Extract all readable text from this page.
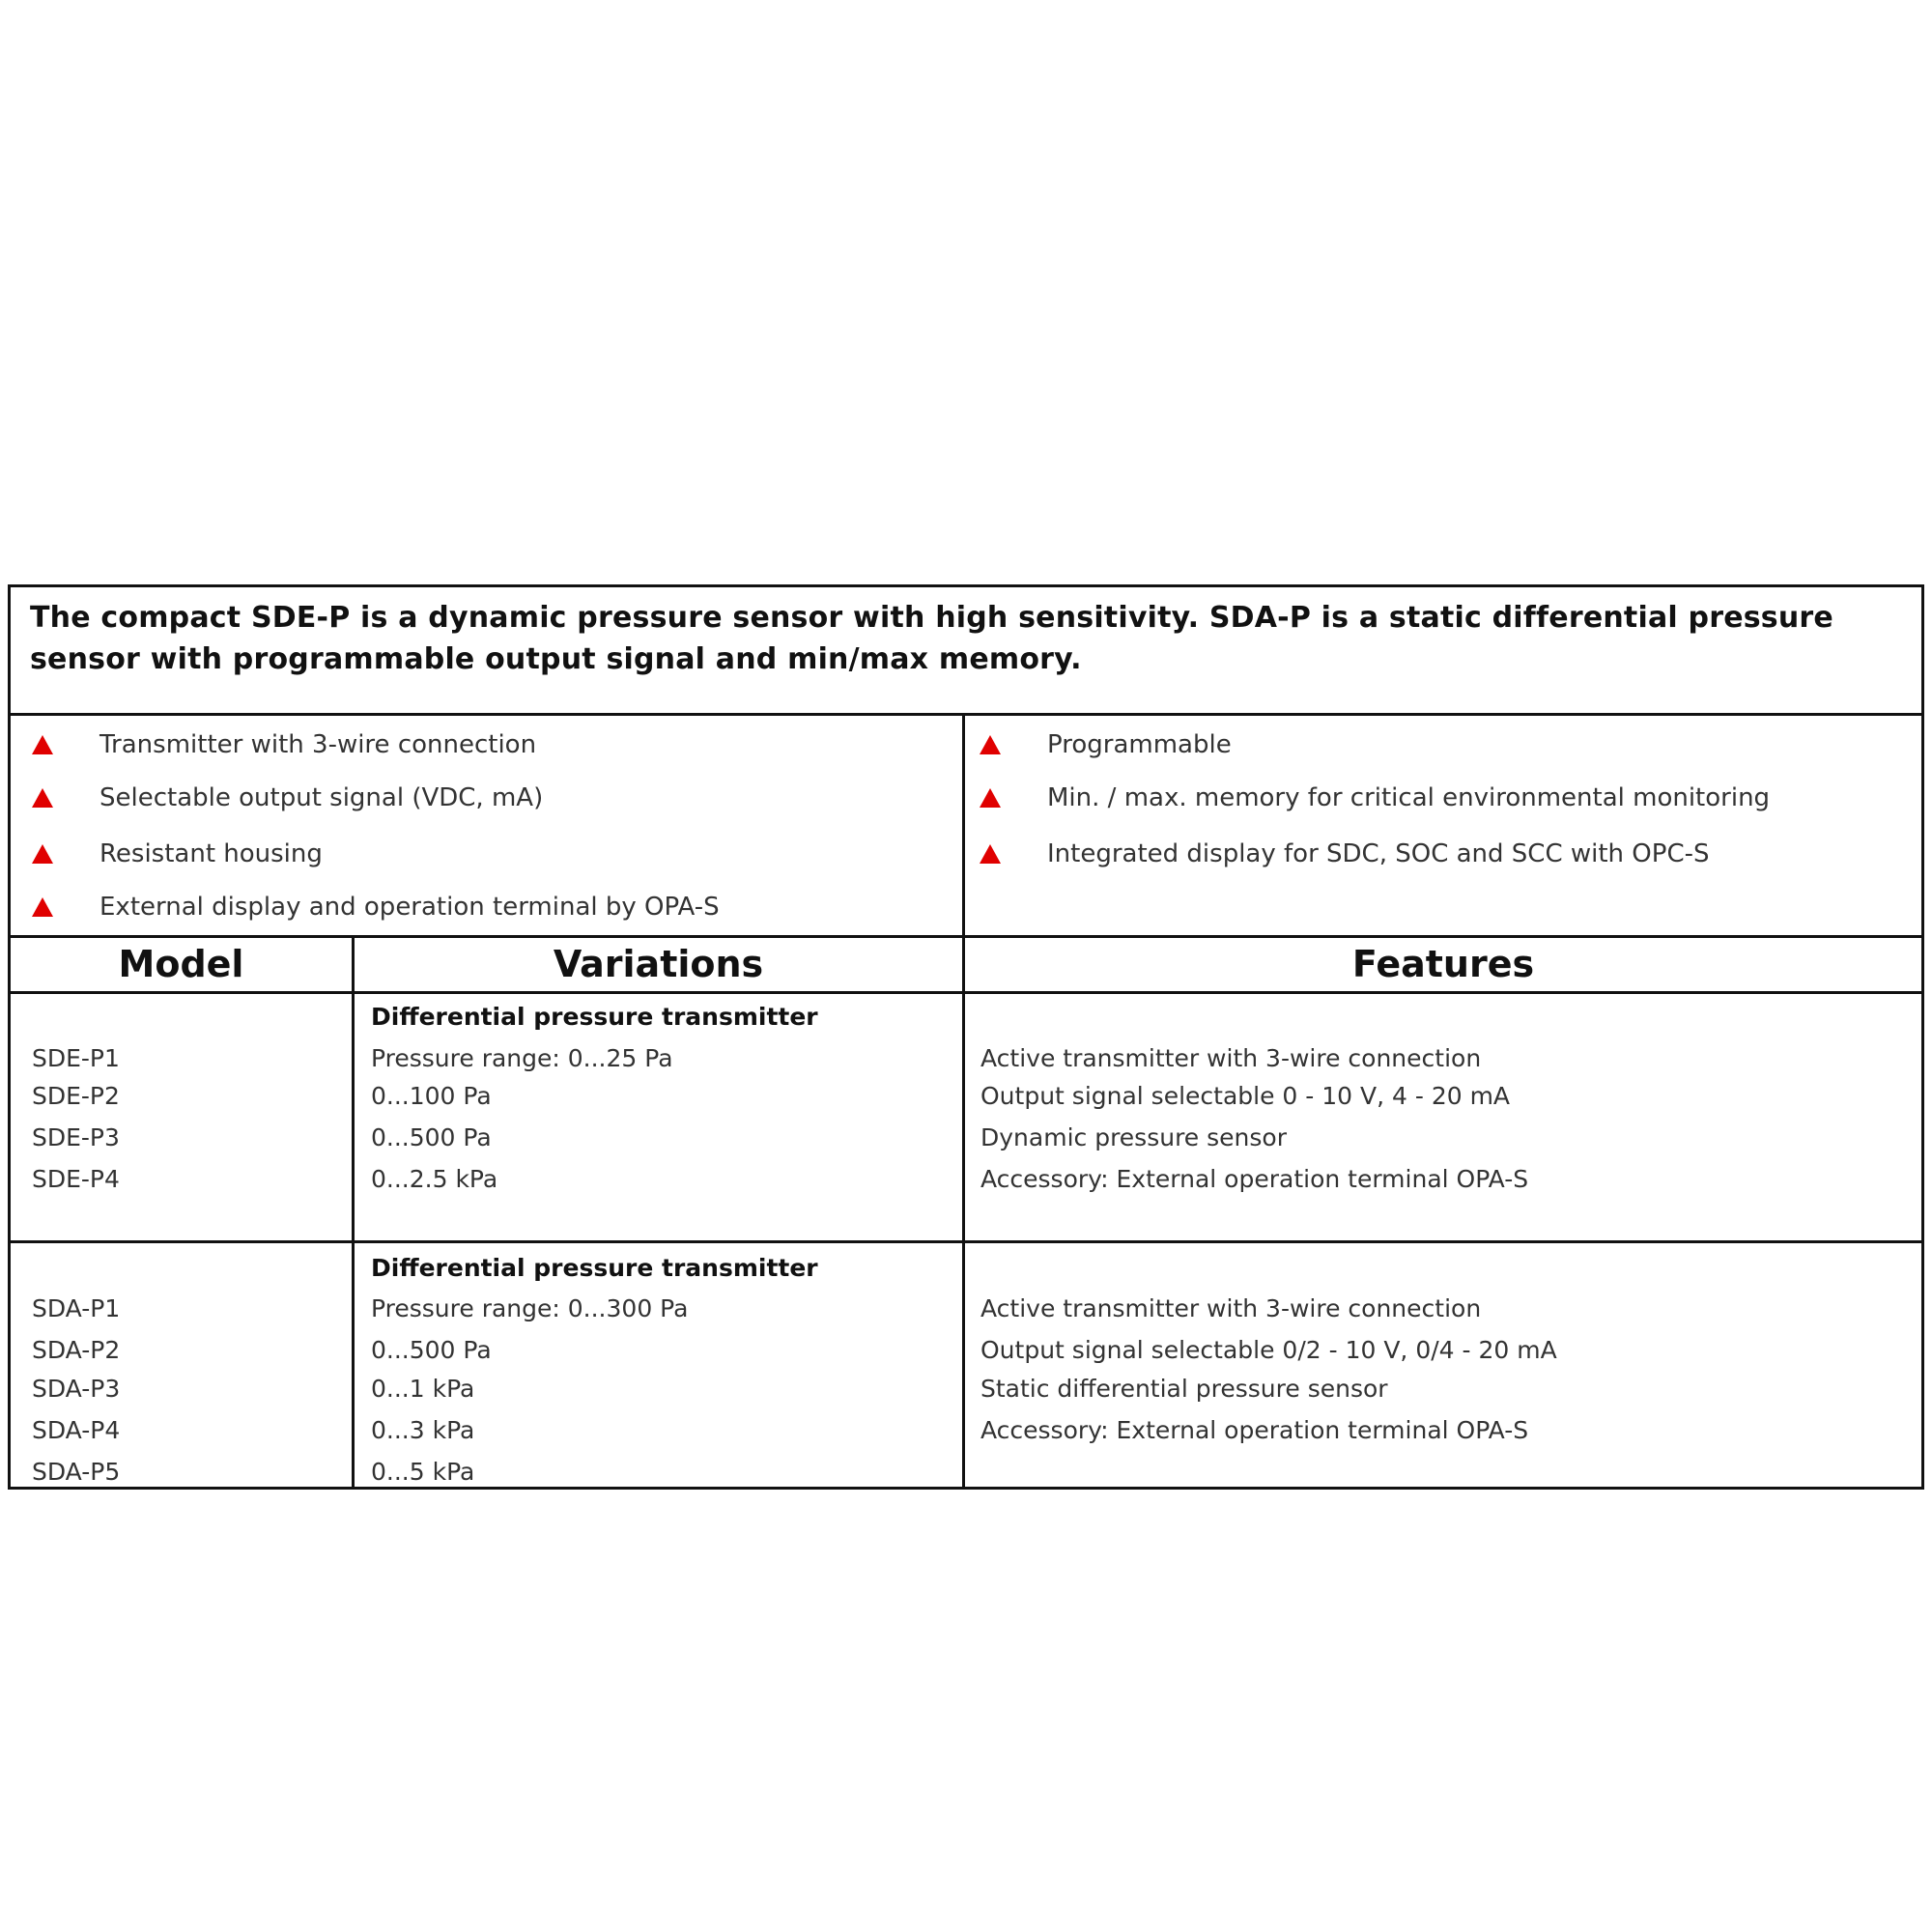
The compact SDE-P is a dynamic pressure sensor with high sensitivity. SDA-P is a static differential pressure sensor with programmable output signal and min/max memory.
Transmitter with 3-wire connection
Selectable output signal (VDC, mA)
Resistant housing
External display and operation terminal by OPA-S
Programmable
Min. / max. memory for critical environmental monitoring
Integrated display for SDC, SOC and SCC with OPC-S
Model	Variations	Features
Differential pressure transmitter
SDE-P1
SDE-P2
SDE-P3
SDE-P4
Pressure range: 0...25 Pa
0...100 Pa
0...500 Pa
0...2.5 kPa
Active transmitter with 3-wire connection
Output signal selectable 0 - 10 V, 4 - 20 mA
Dynamic pressure sensor
Accessory: External operation terminal OPA-S
Differential pressure transmitter
SDA-P1
SDA-P2
SDA-P3
SDA-P4
SDA-P5
Pressure range: 0...300 Pa
0...500 Pa
0...1 kPa
0...3 kPa
0...5 kPa
Active transmitter with 3-wire connection
Output signal selectable 0/2 - 10 V, 0/4 - 20 mA
Static differential pressure sensor
Accessory: External operation terminal OPA-S
